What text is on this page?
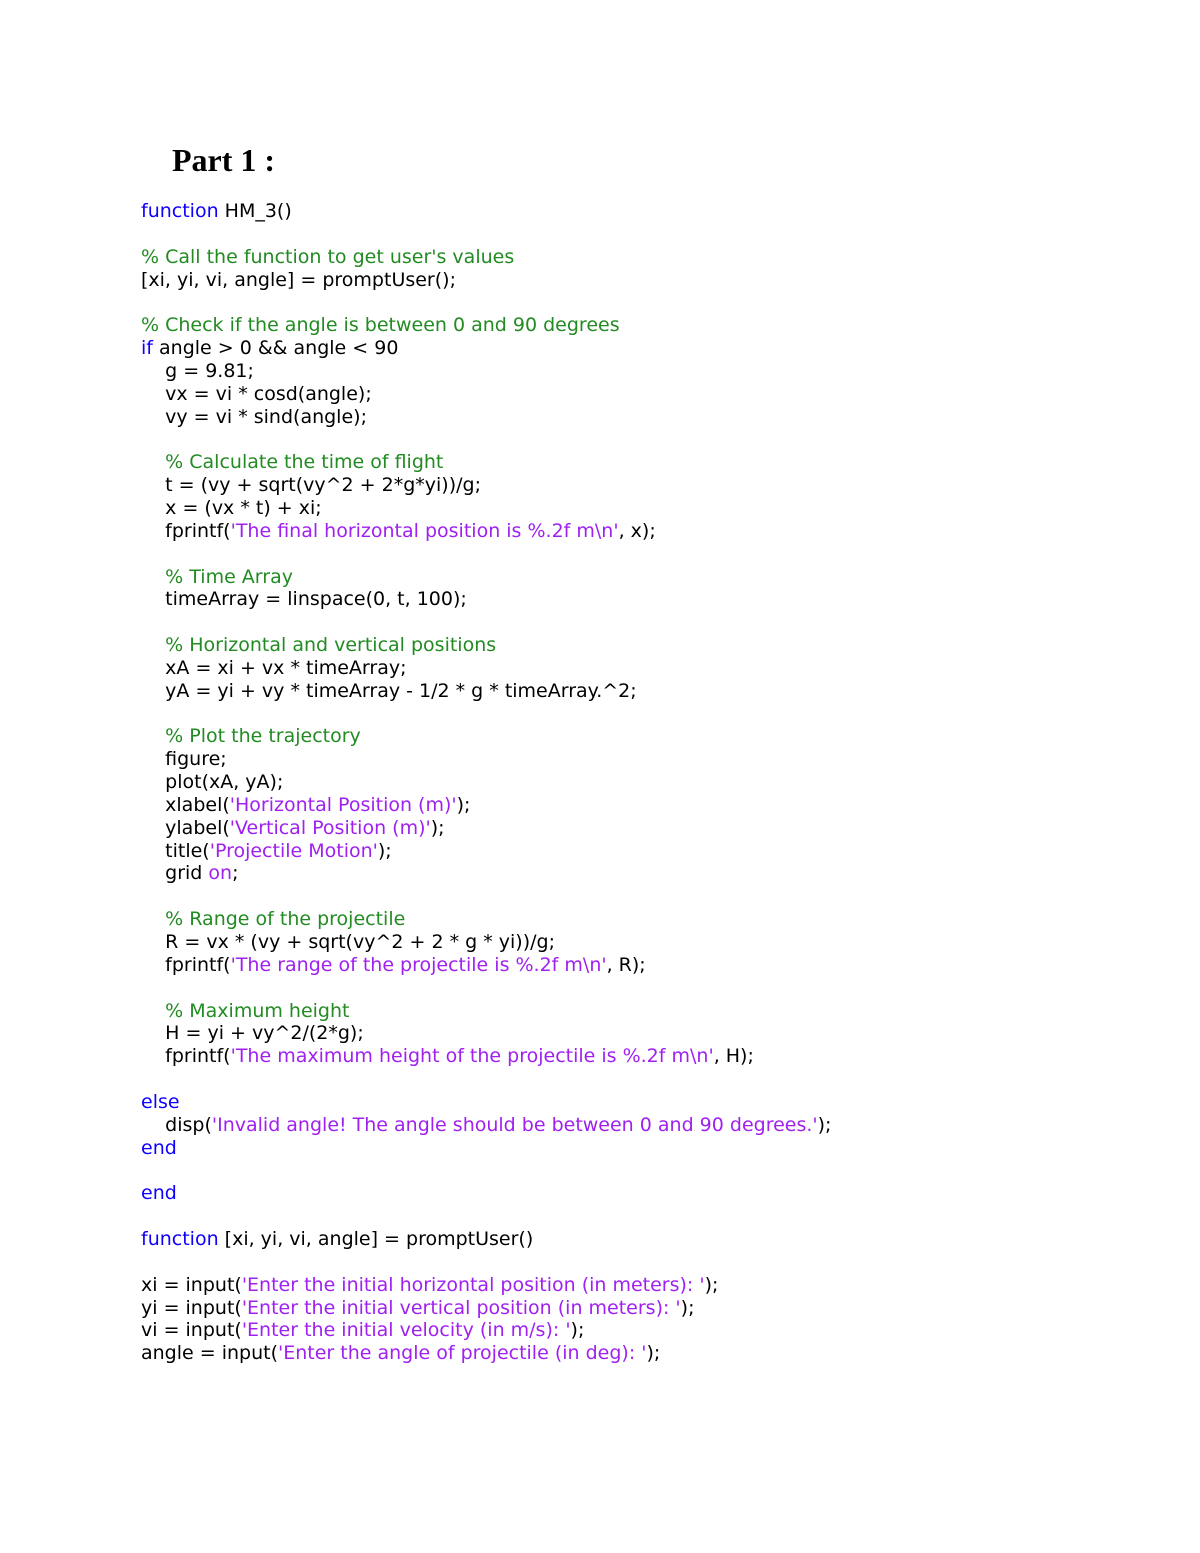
Part 1 :
function HM_3()
% Call the function to get user's values
[xi, yi, vi, angle] = promptUser();
% Check if the angle is between 0 and 90 degrees
if angle > 0 && angle < 90
g = 9.81;
vx = vi * cosd(angle);
vy = vi * sind(angle);
% Calculate the time of flight
t = (vy + sqrt(vy^2 + 2*g*yi))/g;
x = (vx * t) + xi;
fprintf('The final horizontal position is %.2f m\n', x);
% Time Array
timeArray = linspace(0, t, 100);
% Horizontal and vertical positions
xA = xi + vx * timeArray;
yA = yi + vy * timeArray - 1/2 * g * timeArray.^2;
% Plot the trajectory
figure;
plot(xA, yA);
xlabel('Horizontal Position (m)');
ylabel('Vertical Position (m)');
title('Projectile Motion');
grid on;
% Range of the projectile
R = vx * (vy + sqrt(vy^2 + 2 * g * yi))/g;
fprintf('The range of the projectile is %.2f m\n', R);
% Maximum height
H = yi + vy^2/(2*g);
fprintf('The maximum height of the projectile is %.2f m\n', H);
else
disp('Invalid angle! The angle should be between 0 and 90 degrees.');
end
end
function [xi, yi, vi, angle] = promptUser()
xi = input('Enter the initial horizontal position (in meters): ');
yi = input('Enter the initial vertical position (in meters): ');
vi = input('Enter the initial velocity (in m/s): ');
angle = input('Enter the angle of projectile (in deg): ');
